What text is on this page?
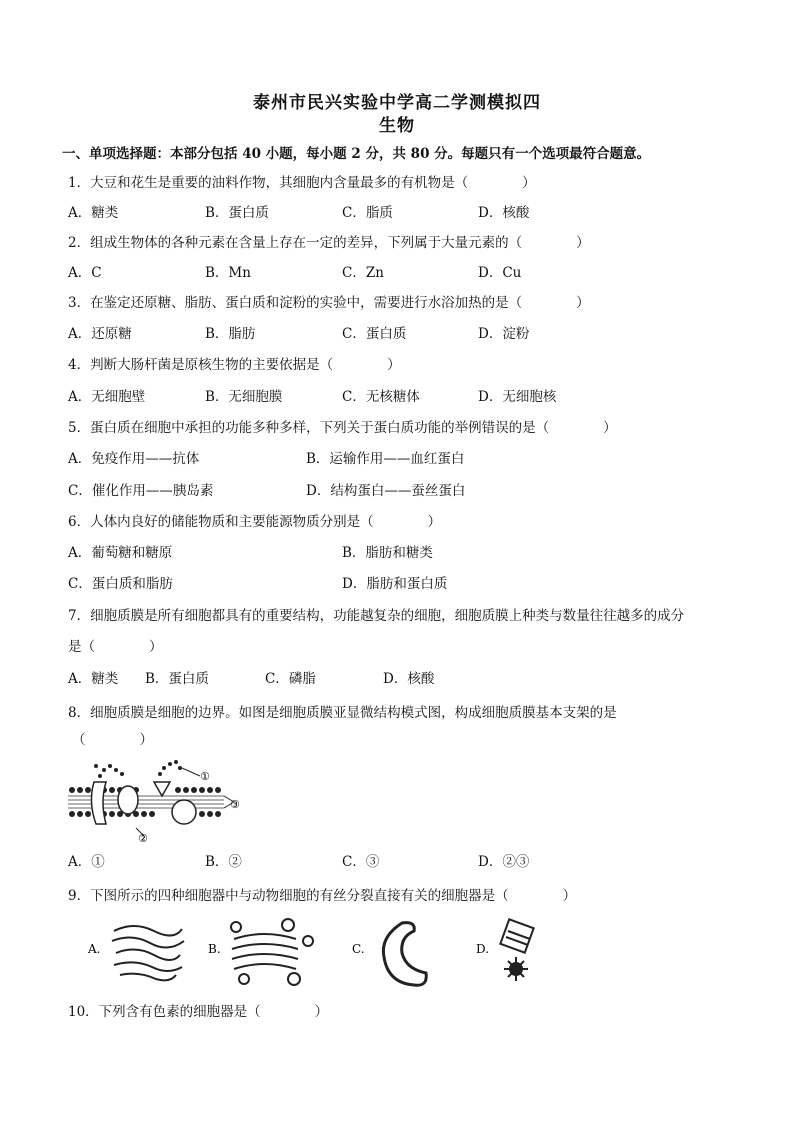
泰州市民兴实验中学高二学测模拟四
生物
一、单项选择题：本部分包括 40 小题，每小题 2 分，共 80 分。每题只有一个选项最符合题意。
1．大豆和花生是重要的油料作物，其细胞内含量最多的有机物是（　　　　）
A．糖类	B．蛋白质	C．脂质	D．核酸
2．组成生物体的各种元素在含量上存在一定的差异，下列属于大量元素的（　　　　）
A．C	B．Mn	C．Zn	D．Cu
3．在鉴定还原糖、脂肪、蛋白质和淀粉的实验中，需要进行水浴加热的是（　　　　）
A．还原糖	B．脂肪	C．蛋白质	D．淀粉
4．判断大肠杆菌是原核生物的主要依据是（　　　　）
A．无细胞壁	B．无细胞膜	C．无核糖体	D．无细胞核
5．蛋白质在细胞中承担的功能多种多样，下列关于蛋白质功能的举例错误的是（　　　　）
A．免疫作用——抗体	B．运输作用——血红蛋白
C．催化作用——胰岛素	D．结构蛋白——蚕丝蛋白
6．人体内良好的储能物质和主要能源物质分别是（　　　　）
A．葡萄糖和糖原	B．脂肪和糖类
C．蛋白质和脂肪	D．脂肪和蛋白质
7．细胞质膜是所有细胞都具有的重要结构，功能越复杂的细胞，细胞质膜上种类与数量往往越多的成分
是（　　　　）
A．糖类 B．蛋白质	C．磷脂	D．核酸
8．细胞质膜是细胞的边界。如图是细胞质膜亚显微结构模式图，构成细胞质膜基本支架的是
（　　　　）
①
②
③
A．①	B．②	C．③	D．②③
9．下图所示的四种细胞器中与动物细胞的有丝分裂直接有关的细胞器是（　　　　）
A.	B.	C.	D.
10．下列含有色素的细胞器是（　　　　）
